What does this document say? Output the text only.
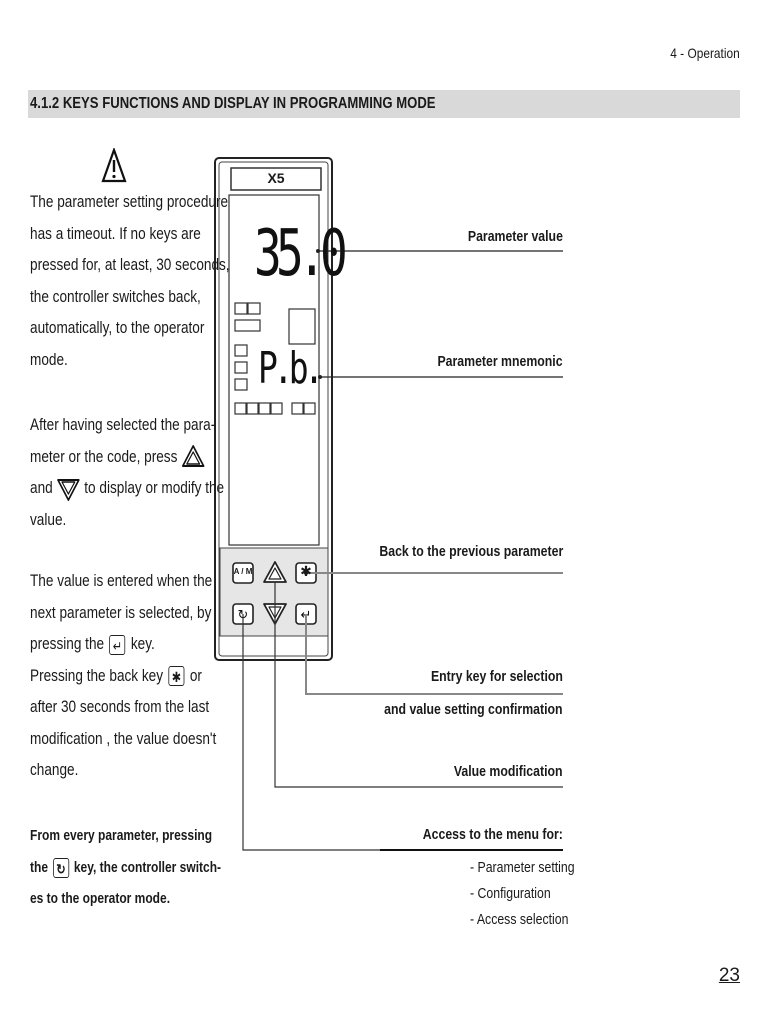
4 - Operation
4.1.2 KEYS FUNCTIONS AND DISPLAY IN PROGRAMMING MODE
The parameter setting procedure
has a timeout. If no keys are
pressed for, at least, 30 seconds,
the controller switches back,
automatically, to the operator
mode.
After having selected the para-
meter or the code, press
and to display or modify the
value.
The value is entered when the
next parameter is selected, by
pressing the ↵ key.
Pressing the back key ✱ or
after 30 seconds from the last
modification , the value doesn't
change.
From every parameter, pressing
the ↻ key, the controller switch-
es to the operator mode.
↻	↵
X5
35.0
P.b.
A / M	✱
Parameter value
Parameter mnemonic
Back to the previous parameter
Entry key for selection
and value setting confirmation
Value modification
Access to the menu for:
- Parameter setting
- Configuration
- Access selection
23
